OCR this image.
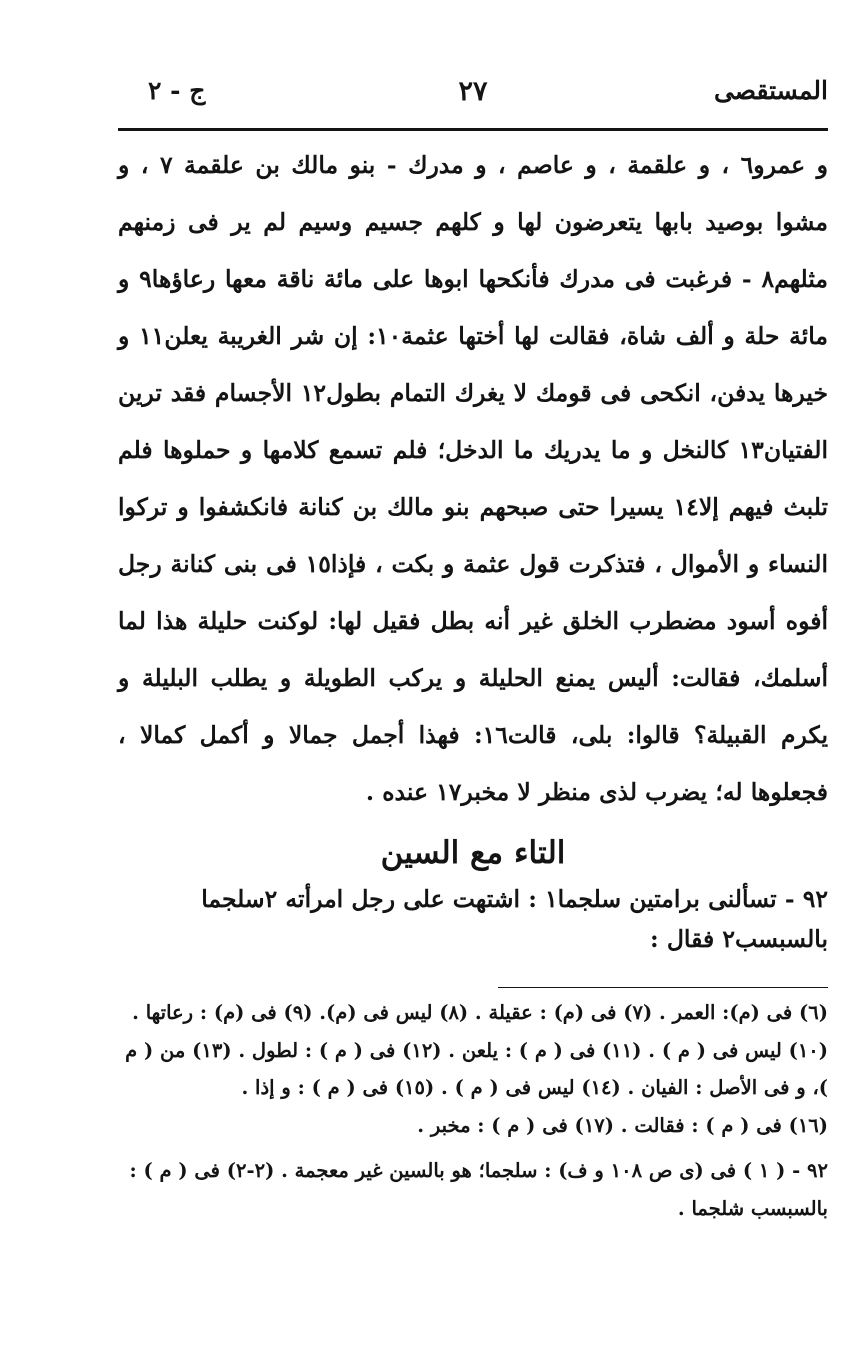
المستقصى
٢٧
ج - ٢

و عمرو٦ ، و علقمة ، و عاصم ، و مدرك - بنو مالك بن علقمة ٧ ، و مشوا بوصيد بابها يتعرضون لها و كلهم جسيم وسيم لم ير فى زمنهم مثلهم٨ - فرغبت فى مدرك فأنكحها ابوها على مائة ناقة معها رعاؤها٩ و مائة حلة و ألف شاة، فقالت لها أختها عثمة١٠: إن شر الغريبة يعلن١١ و خيرها يدفن، انكحى فى قومك لا يغرك التمام بطول١٢ الأجسام فقد ترين الفتيان١٣ كالنخل و ما يدريك ما الدخل؛ فلم تسمع كلامها و حملوها فلم تلبث فيهم إلا١٤ يسيرا حتى صبحهم بنو مالك بن كنانة فانكشفوا و تركوا النساء و الأموال ، فتذكرت قول عثمة و بكت ، فإذا١٥ فى بنى كنانة رجل أفوه أسود مضطرب الخلق غير أنه بطل فقيل لها: لوكنت حليلة هذا لما أسلمك، فقالت: أليس يمنع الحليلة و يركب الطويلة و يطلب البليلة و يكرم القبيلة؟ قالوا: بلى، قالت١٦: فهذا أجمل جمالا و أكمل كمالا ، فجعلوها له؛ يضرب لذى منظر لا مخبر١٧ عنده .

التاء مع السين

٩٢ - تسألنى برامتين سلجما١ : اشتهت على رجل امرأته ٢سلجما بالسبسب٢ فقال :

(٦) فى (م): العمر . (٧) فى (م) : عقيلة . (٨) ليس فى (م). (٩) فى (م) : رعاتها .

(١٠) ليس فى ( م ) . (١١) فى ( م ) : يلعن . (١٢) فى ( م ) : لطول . (١٣) من ( م )، و فى الأصل : الفيان . (١٤) ليس فى ( م ) . (١٥) فى ( م ) : و إذا .

(١٦) فى ( م ) : فقالت . (١٧) فى ( م ) : مخبر .

٩٢ - ( ١ ) فى (ى ص ١٠٨ و ف) : سلجما؛ هو بالسين غير معجمة . (٢-٢) فى ( م ) : بالسبسب شلجما .
